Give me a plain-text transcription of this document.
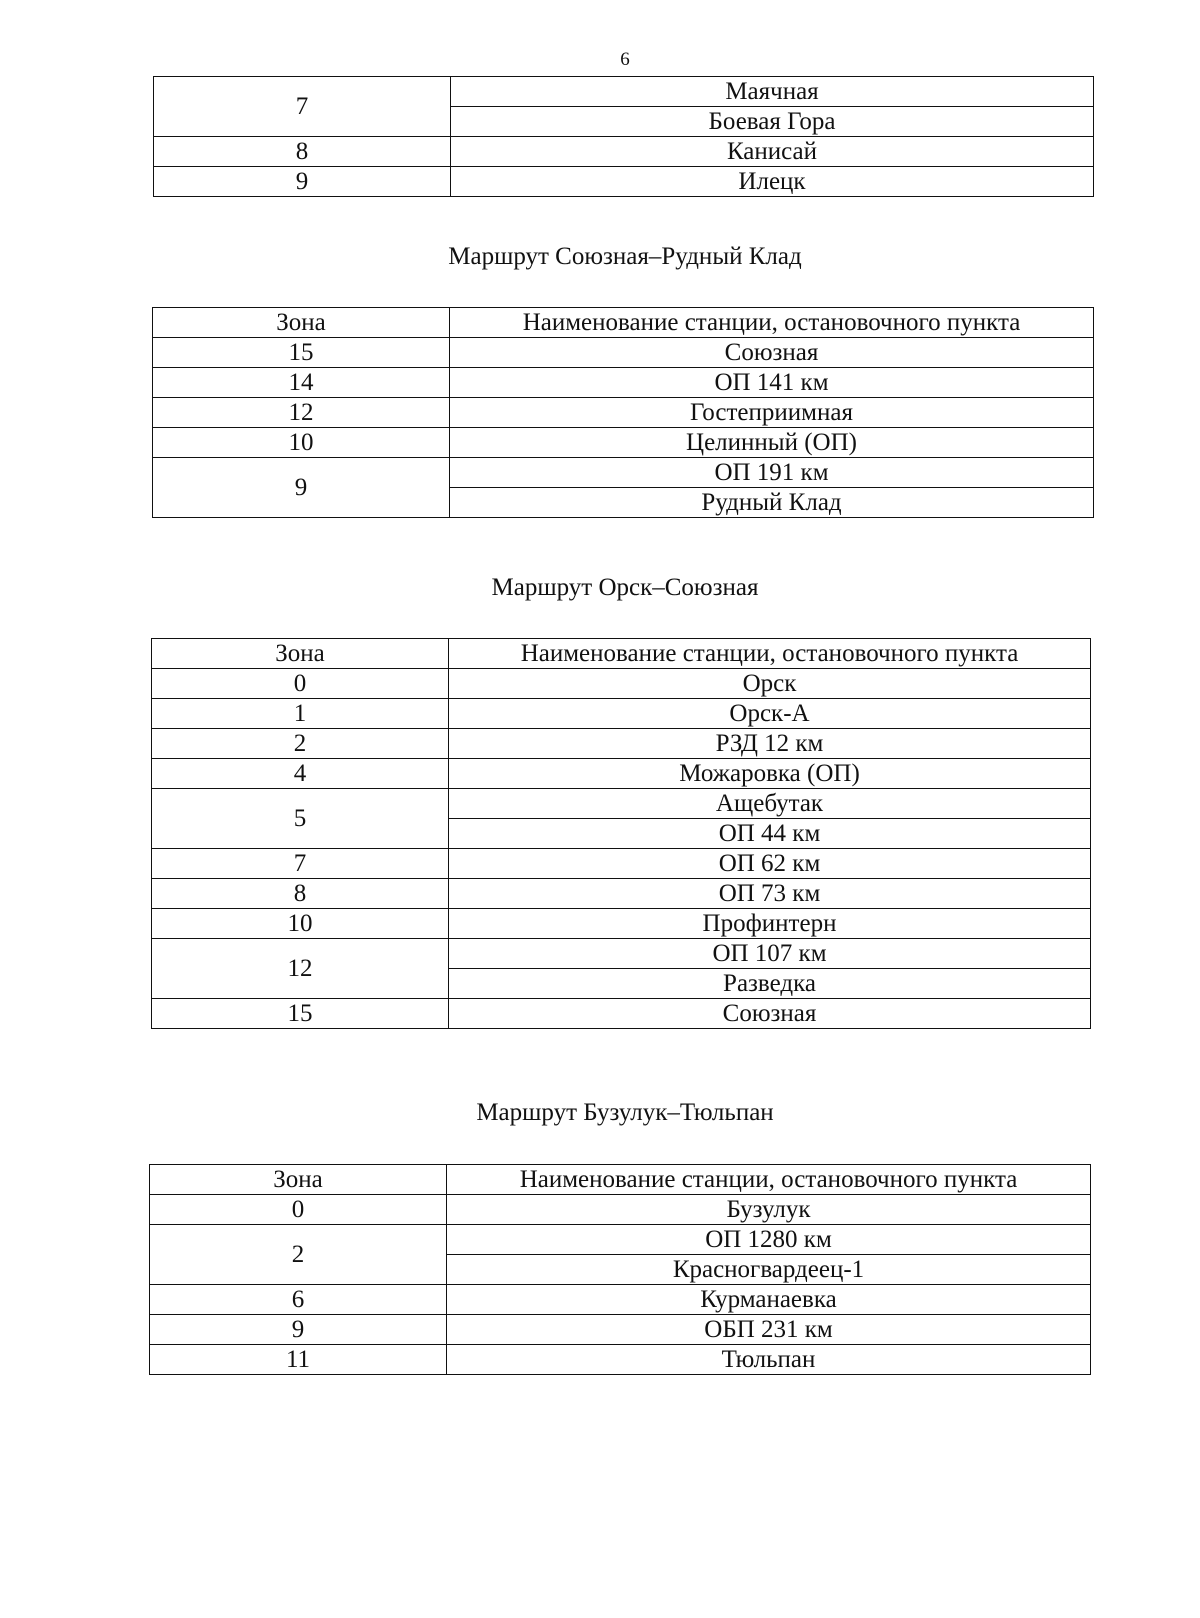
6
7	Маячная
	Боевая Гора
8	Канисай
9	Илецк
Маршрут Союзная–Рудный Клад
Зона	Наименование станции, остановочного пункта
15	Союзная
14	ОП 141 км
12	Гостеприимная
10	Целинный (ОП)
9	ОП 191 км
	Рудный Клад
Маршрут Орск–Союзная
Зона	Наименование станции, остановочного пункта
0	Орск
1	Орск-А
2	РЗД 12 км
4	Можаровка (ОП)
5	Ащебутак
	ОП 44 км
7	ОП 62 км
8	ОП 73 км
10	Профинтерн
12	ОП 107 км
	Разведка
15	Союзная
Маршрут Бузулук–Тюльпан
Зона	Наименование станции, остановочного пункта
0	Бузулук
2	ОП 1280 км
	Красногвардеец-1
6	Курманаевка
9	ОБП 231 км
11	Тюльпан
